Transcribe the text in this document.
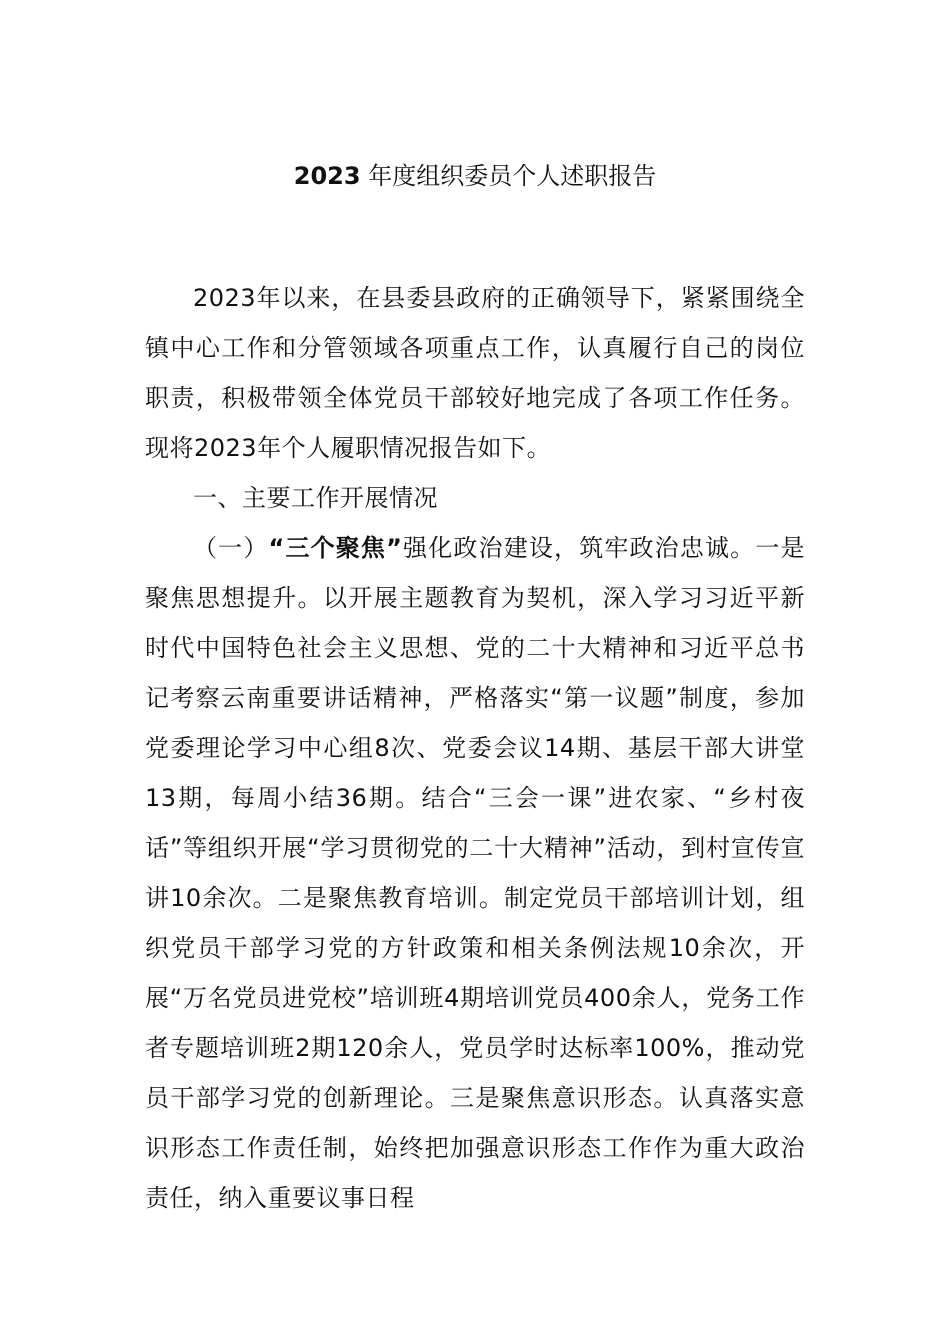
2023 年度组织委员个人述职报告

2023年以来，在县委县政府的正确领导下，紧紧围绕全镇中心工作和分管领域各项重点工作，认真履行自己的岗位职责，积极带领全体党员干部较好地完成了各项工作任务。现将2023年个人履职情况报告如下。

一、主要工作开展情况

（一）“三个聚焦”强化政治建设，筑牢政治忠诚。一是聚焦思想提升。以开展主题教育为契机，深入学习习近平新时代中国特色社会主义思想、党的二十大精神和习近平总书记考察云南重要讲话精神，严格落实“第一议题”制度，参加党委理论学习中心组8次、党委会议14期、基层干部大讲堂13期，每周小结36期。结合“三会一课”进农家、“乡村夜话”等组织开展“学习贯彻党的二十大精神”活动，到村宣传宣讲10余次。二是聚焦教育培训。制定党员干部培训计划，组织党员干部学习党的方针政策和相关条例法规10余次，开展“万名党员进党校”培训班4期培训党员400余人，党务工作者专题培训班2期120余人，党员学时达标率100%，推动党员干部学习党的创新理论。三是聚焦意识形态。认真落实意识形态工作责任制，始终把加强意识形态工作作为重大政治责任，纳入重要议事日程
